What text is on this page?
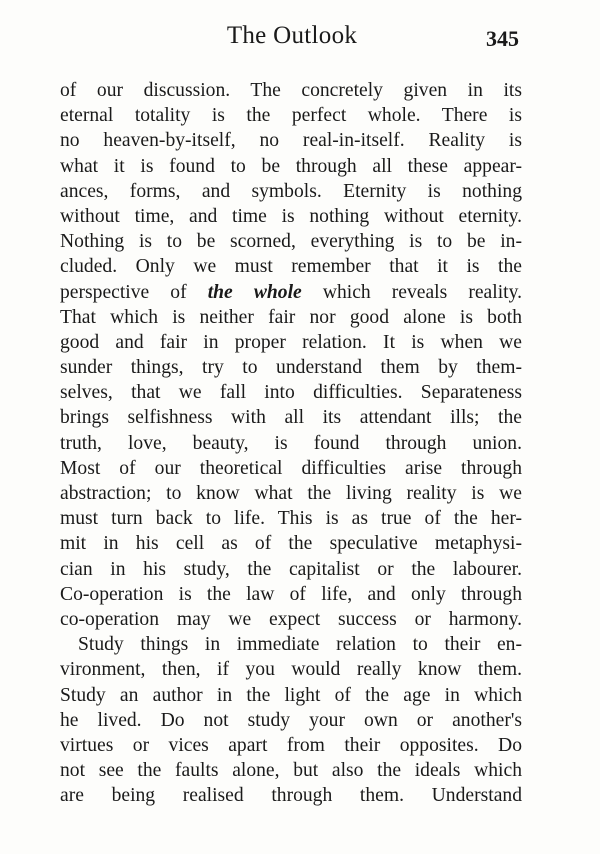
The Outlook	345
of our discussion. The concretely given in its
eternal totality is the perfect whole. There is
no heaven-by-itself, no real-in-itself. Reality is
what it is found to be through all these appear-
ances, forms, and symbols. Eternity is nothing
without time, and time is nothing without eternity.
Nothing is to be scorned, everything is to be in-
cluded. Only we must remember that it is the
perspective of the whole which reveals reality.
That which is neither fair nor good alone is both
good and fair in proper relation. It is when we
sunder things, try to understand them by them-
selves, that we fall into difficulties. Separateness
brings selfishness with all its attendant ills; the
truth, love, beauty, is found through union.
Most of our theoretical difficulties arise through
abstraction; to know what the living reality is we
must turn back to life. This is as true of the her-
mit in his cell as of the speculative metaphysi-
cian in his study, the capitalist or the labourer.
Co-operation is the law of life, and only through
co-operation may we expect success or harmony.
Study things in immediate relation to their en-
vironment, then, if you would really know them.
Study an author in the light of the age in which
he lived. Do not study your own or another's
virtues or vices apart from their opposites. Do
not see the faults alone, but also the ideals which
are being realised through them. Understand
